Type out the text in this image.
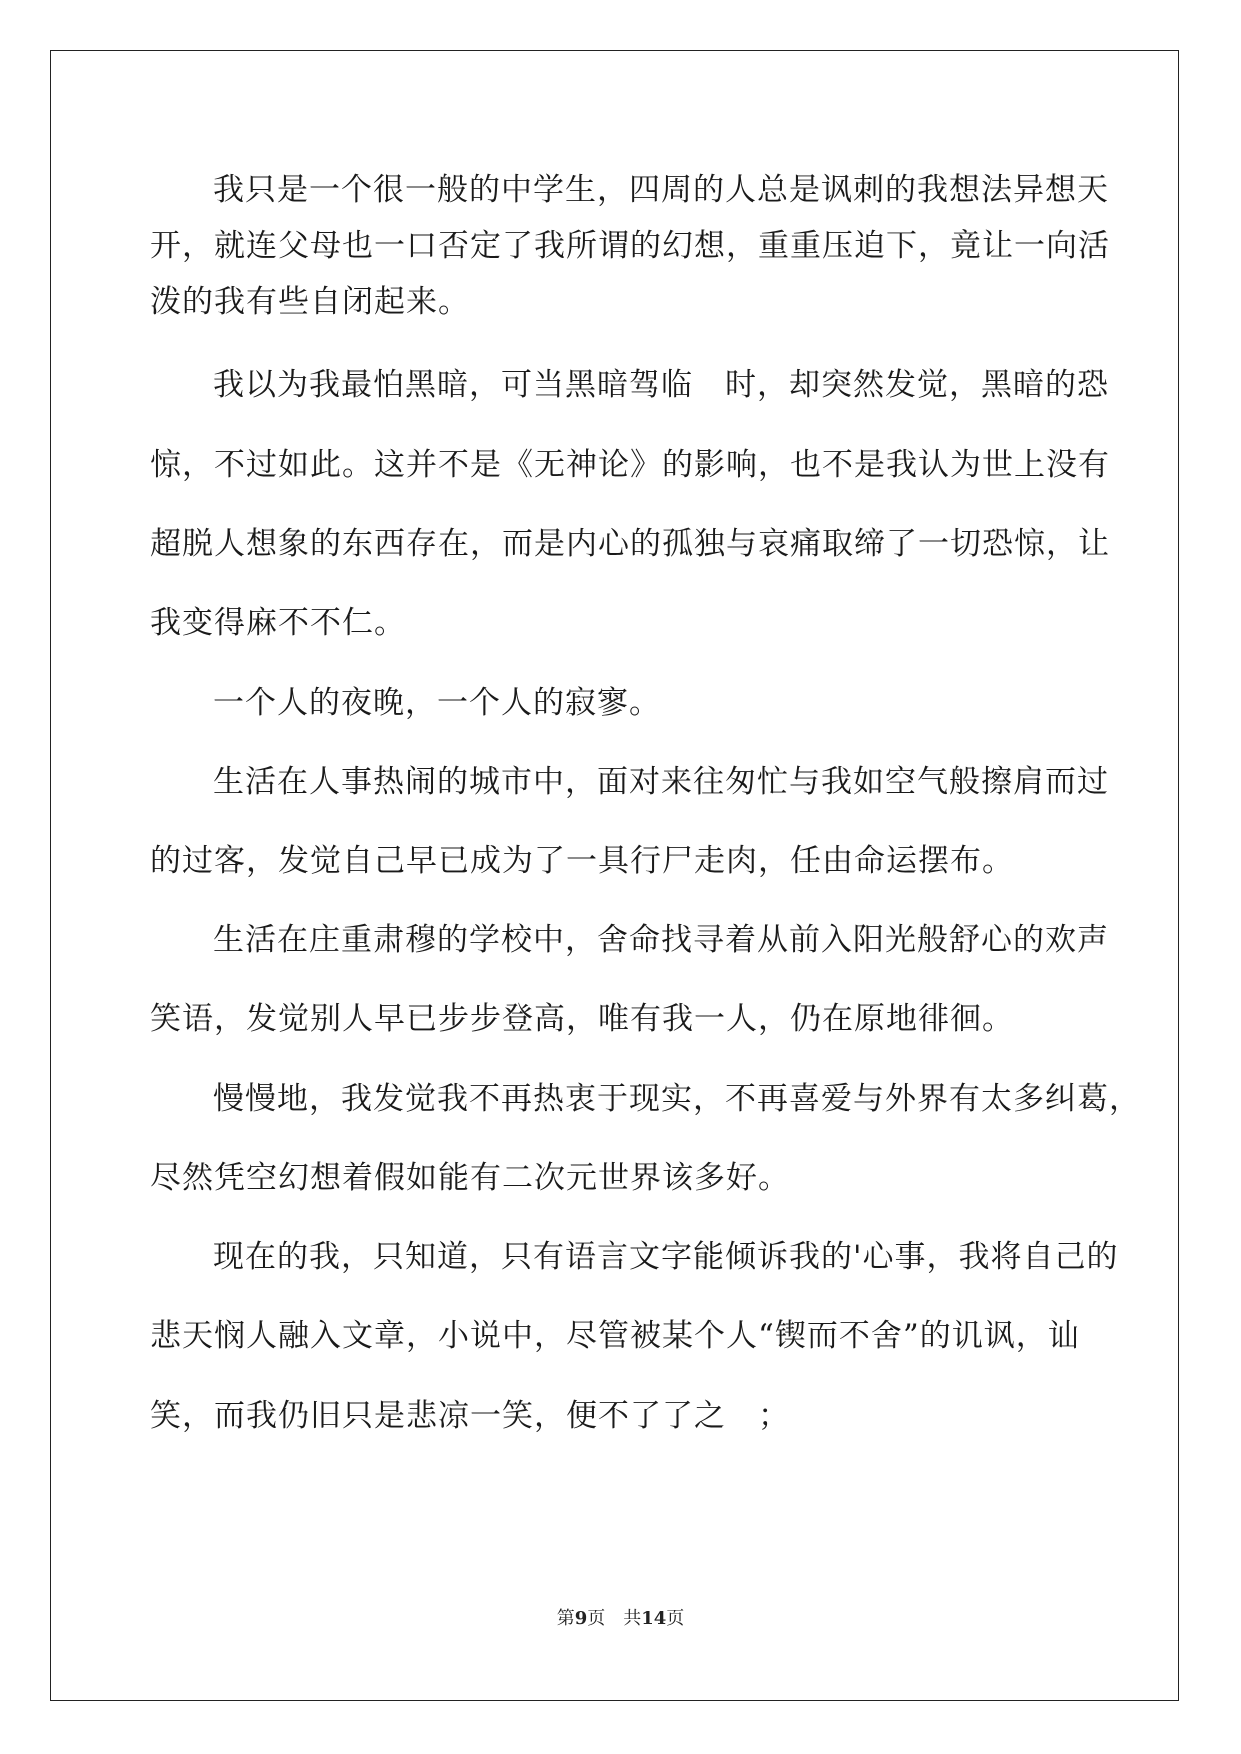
我只是一个很一般的中学生，四周的人总是讽刺的我想法异想天
开，就连父母也一口否定了我所谓的幻想，重重压迫下，竟让一向活
泼的我有些自闭起来。
我以为我最怕黑暗，可当黑暗驾临　时，却突然发觉，黑暗的恐
惊，不过如此。这并不是《无神论》的影响，也不是我认为世上没有
超脱人想象的东西存在，而是内心的孤独与哀痛取缔了一切恐惊，让
我变得麻不不仁。
一个人的夜晚，一个人的寂寥。
生活在人事热闹的城市中，面对来往匆忙与我如空气般擦肩而过
的过客，发觉自己早已成为了一具行尸走肉，任由命运摆布。
生活在庄重肃穆的学校中，舍命找寻着从前入阳光般舒心的欢声
笑语，发觉别人早已步步登高，唯有我一人，仍在原地徘徊。
慢慢地，我发觉我不再热衷于现实，不再喜爱与外界有太多纠葛，
尽然凭空幻想着假如能有二次元世界该多好。
现在的我，只知道，只有语言文字能倾诉我的'心事，我将自己的
悲天悯人融入文章，小说中，尽管被某个人“锲而不舍”的讥讽，讪
笑，而我仍旧只是悲凉一笑，便不了了之　；
第9页 共14页
